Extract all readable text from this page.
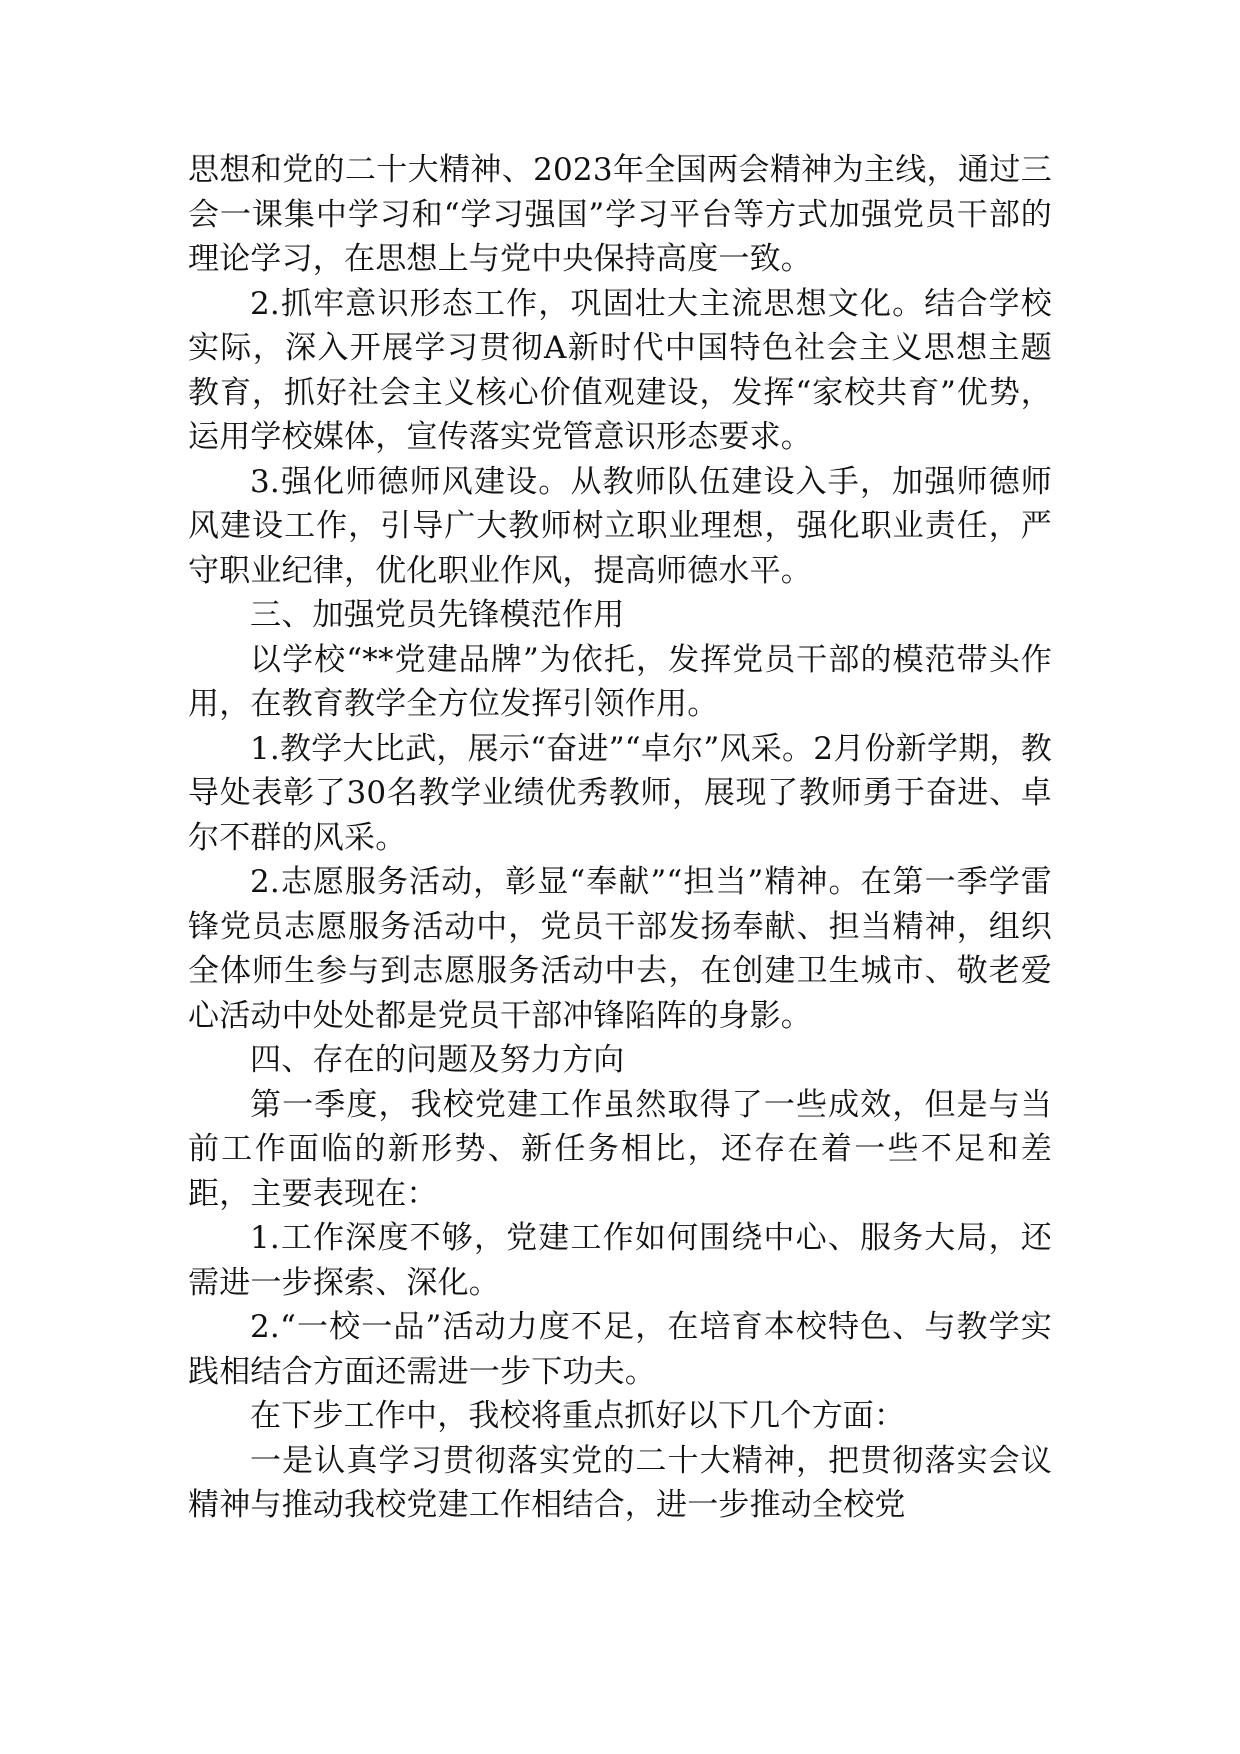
思想和党的二十大精神、2023年全国两会精神为主线，通过三会一课集中学习和“学习强国”学习平台等方式加强党员干部的理论学习，在思想上与党中央保持高度一致。

2.抓牢意识形态工作，巩固壮大主流思想文化。结合学校实际，深入开展学习贯彻A新时代中国特色社会主义思想主题教育，抓好社会主义核心价值观建设，发挥“家校共育”优势，运用学校媒体，宣传落实党管意识形态要求。

3.强化师德师风建设。从教师队伍建设入手，加强师德师风建设工作，引导广大教师树立职业理想，强化职业责任，严守职业纪律，优化职业作风，提高师德水平。

三、加强党员先锋模范作用

以学校“**党建品牌”为依托，发挥党员干部的模范带头作用，在教育教学全方位发挥引领作用。

1.教学大比武，展示“奋进”“卓尔”风采。2月份新学期，教导处表彰了30名教学业绩优秀教师，展现了教师勇于奋进、卓尔不群的风采。

2.志愿服务活动，彰显“奉献”“担当”精神。在第一季学雷锋党员志愿服务活动中，党员干部发扬奉献、担当精神，组织全体师生参与到志愿服务活动中去，在创建卫生城市、敬老爱心活动中处处都是党员干部冲锋陷阵的身影。

四、存在的问题及努力方向

第一季度，我校党建工作虽然取得了一些成效，但是与当前工作面临的新形势、新任务相比，还存在着一些不足和差距，主要表现在：

1.工作深度不够，党建工作如何围绕中心、服务大局，还需进一步探索、深化。

2.“一校一品”活动力度不足，在培育本校特色、与教学实践相结合方面还需进一步下功夫。

在下步工作中，我校将重点抓好以下几个方面：

一是认真学习贯彻落实党的二十大精神，把贯彻落实会议精神与推动我校党建工作相结合，进一步推动全校党
